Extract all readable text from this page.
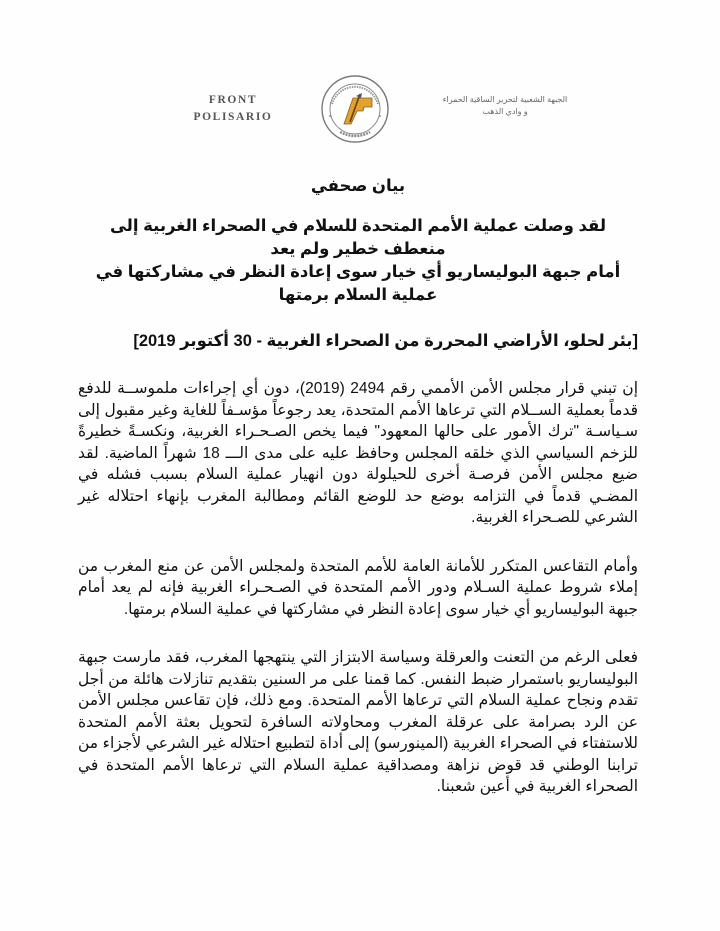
FRONT
POLISARIO
الجبهة الشعبية لتحرير الساقية الحمراء
و وادي الذهب
بيان صحفي
لقد وصلت عملية الأمم المتحدة للسلام في الصحراء الغربية إلى منعطف خطير ولم يعد
أمام جبهة البوليساريو أي خيار سوى إعادة النظر في مشاركتها في عملية السلام برمتها
[بئر لحلو، الأراضي المحررة من الصحراء الغربية - 30 أكتوبر 2019]

إن تبني قرار مجلس الأمن الأممي رقم 2494 (2019)، دون أي إجراءات ملموســة للدفع قدماً بعملية الســلام التي ترعاها الأمم المتحدة، يعد رجوعاً مؤسـفاً للغاية وغير مقبول إلى سـياسـة "ترك الأمور على حالها المعهود" فيما يخص الصـحـراء الغربية، ونكسـةً خطيرةً للزخم السياسي الذي خلقه المجلس وحافظ عليه على مدى الـــ 18 شهراً الماضية. لقد ضيع مجلس الأمن فرصـة أخرى للحيلولة دون انهيار عملية السلام بسبب فشله في المضـي قدماً في التزامه بوضع حد للوضع القائم ومطالبة المغرب بإنهاء احتلاله غير الشرعي للصـحراء الغربية.

وأمام التقاعس المتكرر للأمانة العامة للأمم المتحدة ولمجلس الأمن عن منع المغرب من إملاء شروط عملية السـلام ودور الأمم المتحدة في الصـحـراء الغربية فإنه لم يعد أمام جبهة البوليساريو أي خيار سوى إعادة النظر في مشاركتها في عملية السلام برمتها.

فعلى الرغم من التعنت والعرقلة وسياسة الابتزاز التي ينتهجها المغرب، فقد مارست جبهة البوليساريو باستمرار ضبط النفس. كما قمنا على مر السنين بتقديم تنازلات هائلة من أجل تقدم ونجاح عملية السلام التي ترعاها الأمم المتحدة. ومع ذلك، فإن تقاعس مجلس الأمن عن الرد بصرامة على عرقلة المغرب ومحاولاته السافرة لتحويل بعثة الأمم المتحدة للاستفتاء في الصحراء الغربية (المينورسو) إلى أداة لتطبيع احتلاله غير الشرعي لأجزاء من ترابنا الوطني قد قوض نزاهة ومصداقية عملية السلام التي ترعاها الأمم المتحدة في الصحراء الغربية في أعين شعبنا.
